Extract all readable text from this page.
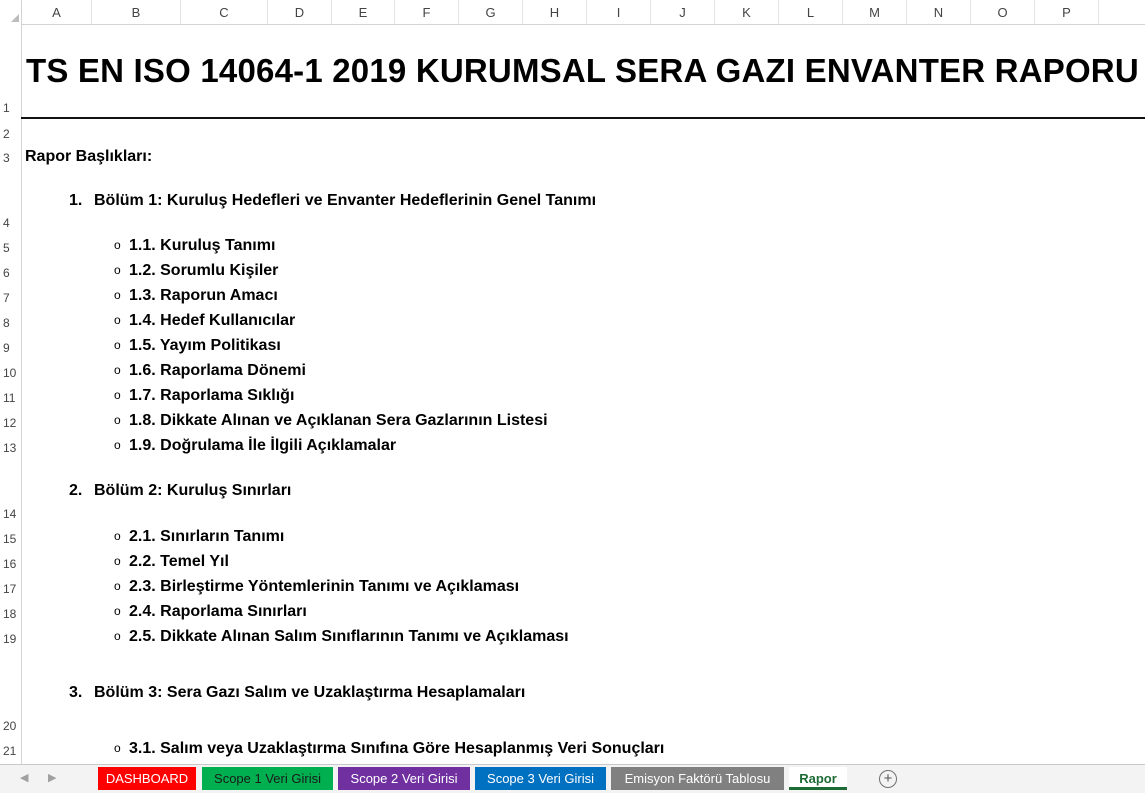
A	B	C	D	E	F	G	H	I	J	K	L	M	N	O	P
1
2
3
4
5
6
7
8
9
10
11
12
13
14
15
16
17
18
19
20
21
TS EN ISO 14064-1 2019 KURUMSAL SERA GAZI ENVANTER RAPORU
Rapor Başlıkları:
1. Bölüm 1: Kuruluş Hedefleri ve Envanter Hedeflerinin Genel Tanımı
o 1.1. Kuruluş Tanımı
o 1.2. Sorumlu Kişiler
o 1.3. Raporun Amacı
o 1.4. Hedef Kullanıcılar
o 1.5. Yayım Politikası
o 1.6. Raporlama Dönemi
o 1.7. Raporlama Sıklığı
o 1.8. Dikkate Alınan ve Açıklanan Sera Gazlarının Listesi
o 1.9. Doğrulama İle İlgili Açıklamalar
2. Bölüm 2: Kuruluş Sınırları
o 2.1. Sınırların Tanımı
o 2.2. Temel Yıl
o 2.3. Birleştirme Yöntemlerinin Tanımı ve Açıklaması
o 2.4. Raporlama Sınırları
o 2.5. Dikkate Alınan Salım Sınıflarının Tanımı ve Açıklaması
3. Bölüm 3: Sera Gazı Salım ve Uzaklaştırma Hesaplamaları
o 3.1. Salım veya Uzaklaştırma Sınıfına Göre Hesaplanmış Veri Sonuçları
◀ ▶	DASHBOARD	Scope 1 Veri Girisi	Scope 2 Veri Girisi	Scope 3 Veri Girisi	Emisyon Faktörü Tablosu	Rapor	+
